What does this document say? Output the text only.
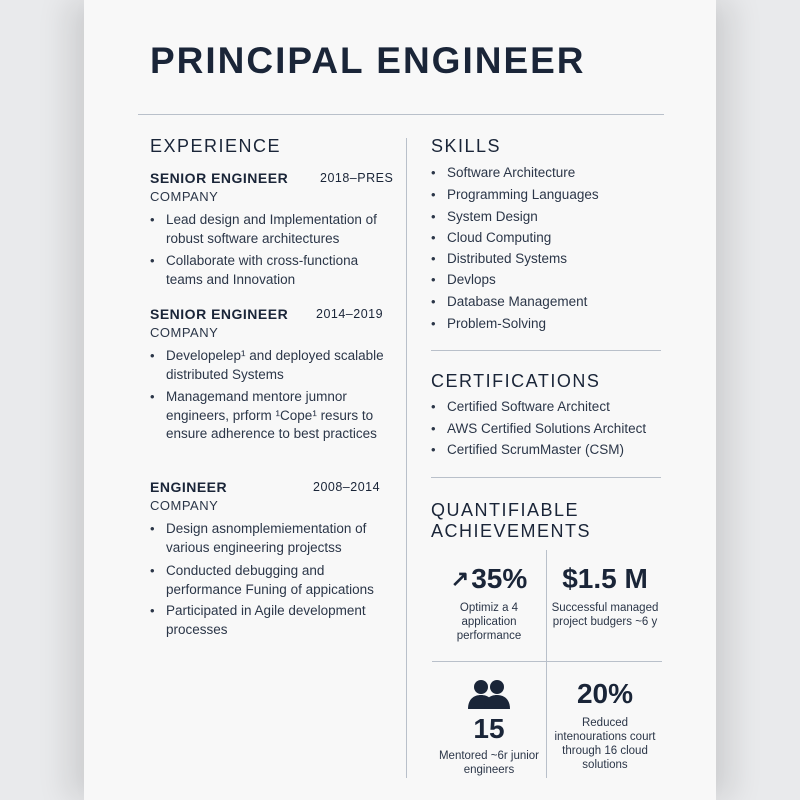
PRINCIPAL ENGINEER
EXPERIENCE
SENIOR ENGINEER	2018–PRES
COMPANY
• Lead design and Implementation of robust software architectures
• Collaborate with cross-functiona teams and Innovation
SENIOR ENGINEER 2014–2019
COMPANY
• Developelep¹ and deployed scalable distributed Systems
• Managemand mentore jumnor engineers, prform ¹Cope¹ resurs to ensure adherence to best practices
ENGINEER	2008–2014
COMPANY
• Design asnomplemiementation of various engineering projectss
• Conducted debugging and performance Funing of appications
• Participated in Agile development processes
SKILLS
• Software Architecture
• Programming Languages
• System Design
• Cloud Computing
• Distributed Systems
• Devlops
• Database Management
• Problem-Solving
CERTIFICATIONS
• Certified Software Architect
• AWS Certified Solutions Architect
• Certified ScrumMaster (CSM)
QUANTIFIABLE
ACHIEVEMENTS
↗35%
Optimiz a 4 application performance
$1.5 M
Successful managed project budgers ~6 y
15
Mentored ~6r junior engineers
20%
Reduced intenourations court through 16 cloud solutions
